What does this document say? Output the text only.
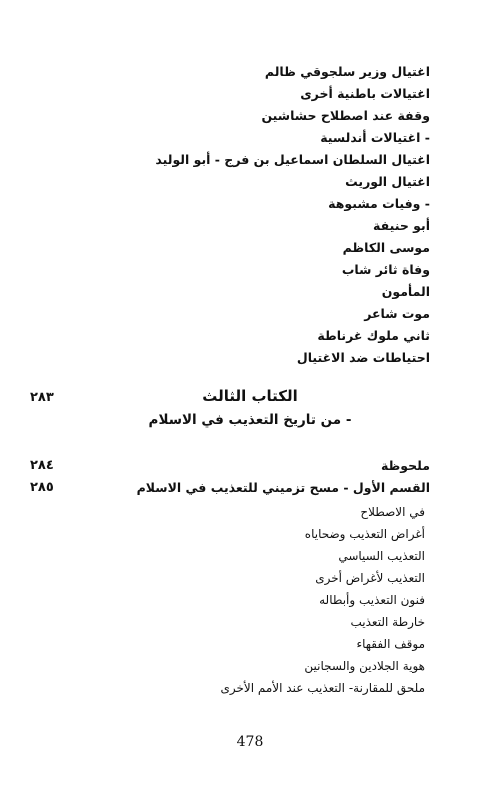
اغتيال وزير سلجوقي ظالم
اغتيالات باطنية أخرى
وقفة عند اصطلاح حشاشين
- اغتيالات أندلسية
اغتيال السلطان اسماعيل بن فرج - أبو الوليد
اغتيال الوريث
- وفيات مشبوهة
أبو حنيفة
موسى الكاظم
وفاة ثائر شاب
المأمون
موت شاعر
ثاني ملوك غرناطة
احتياطات ضد الاغتيال
الكتاب الثالث
٢٨٣
- من تاريخ التعذيب في الاسلام
ملحوظة
٢٨٤
القسم الأول - مسح تزميني للتعذيب في الاسلام
٢٨٥
في الاصطلاح
أغراض التعذيب وضحاياه
التعذيب السياسي
التعذيب لأغراض أخرى
فنون التعذيب وأبطاله
خارطة التعذيب
موقف الفقهاء
هوية الجلادين والسجانين
ملحق للمقارنة- التعذيب عند الأمم الأخرى
478
